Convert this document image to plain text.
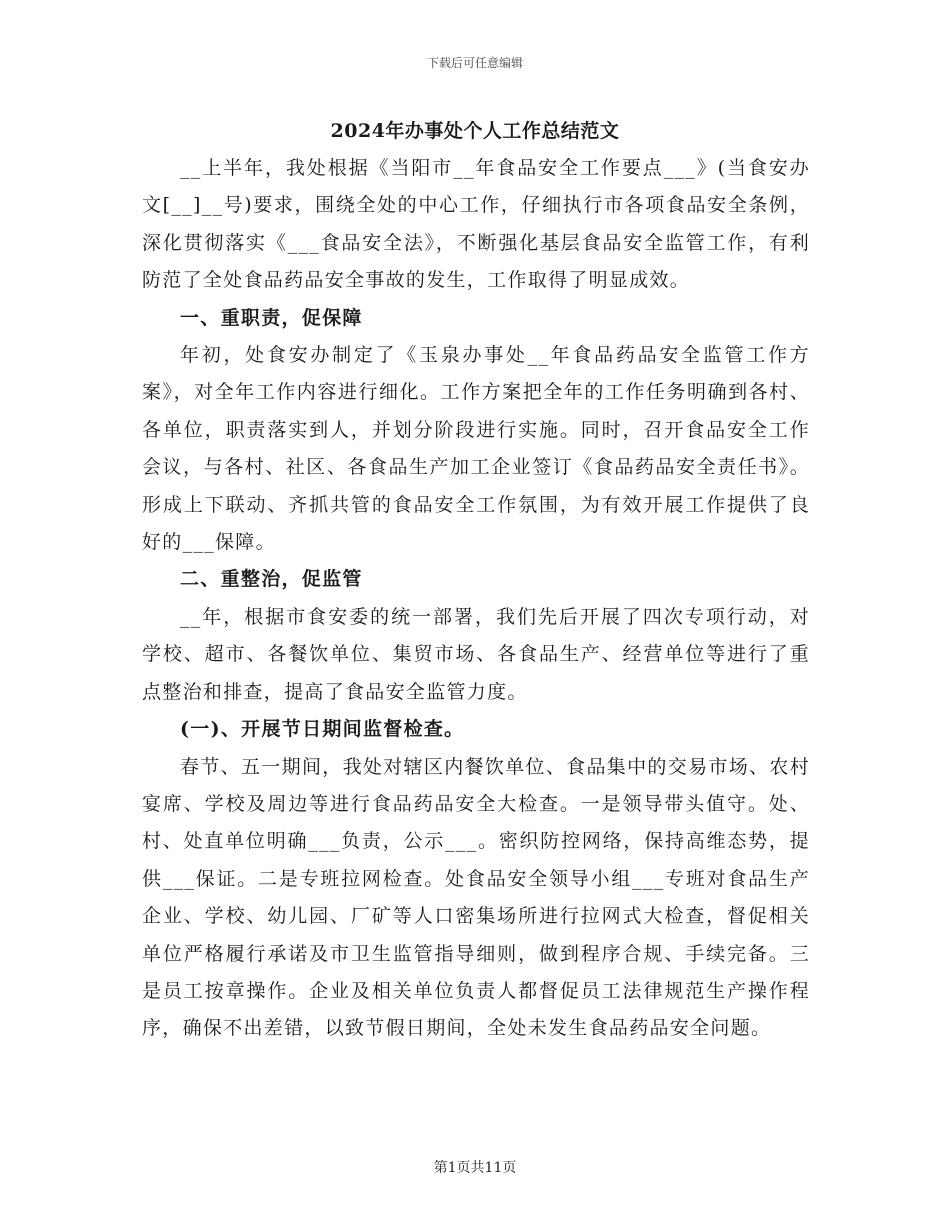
下载后可任意编辑
2024年办事处个人工作总结范文

__上半年，我处根据《当阳市__年食品安全工作要点___》(当食安办文[__]__号)要求，围绕全处的中心工作，仔细执行市各项食品安全条例，深化贯彻落实《___食品安全法》，不断强化基层食品安全监管工作，有利防范了全处食品药品安全事故的发生，工作取得了明显成效。

一、重职责，促保障

年初，处食安办制定了《玉泉办事处__年食品药品安全监管工作方案》，对全年工作内容进行细化。工作方案把全年的工作任务明确到各村、各单位，职责落实到人，并划分阶段进行实施。同时，召开食品安全工作会议，与各村、社区、各食品生产加工企业签订《食品药品安全责任书》。形成上下联动、齐抓共管的食品安全工作氛围，为有效开展工作提供了良好的___保障。

二、重整治，促监管

__年，根据市食安委的统一部署，我们先后开展了四次专项行动，对学校、超市、各餐饮单位、集贸市场、各食品生产、经营单位等进行了重点整治和排查，提高了食品安全监管力度。

(一)、开展节日期间监督检查。

春节、五一期间，我处对辖区内餐饮单位、食品集中的交易市场、农村宴席、学校及周边等进行食品药品安全大检查。一是领导带头值守。处、村、处直单位明确___负责，公示___。密织防控网络，保持高维态势，提供___保证。二是专班拉网检查。处食品安全领导小组___专班对食品生产企业、学校、幼儿园、厂矿等人口密集场所进行拉网式大检查，督促相关单位严格履行承诺及市卫生监管指导细则，做到程序合规、手续完备。三是员工按章操作。企业及相关单位负责人都督促员工法律规范生产操作程序，确保不出差错，以致节假日期间，全处未发生食品药品安全问题。

第1页共11页
